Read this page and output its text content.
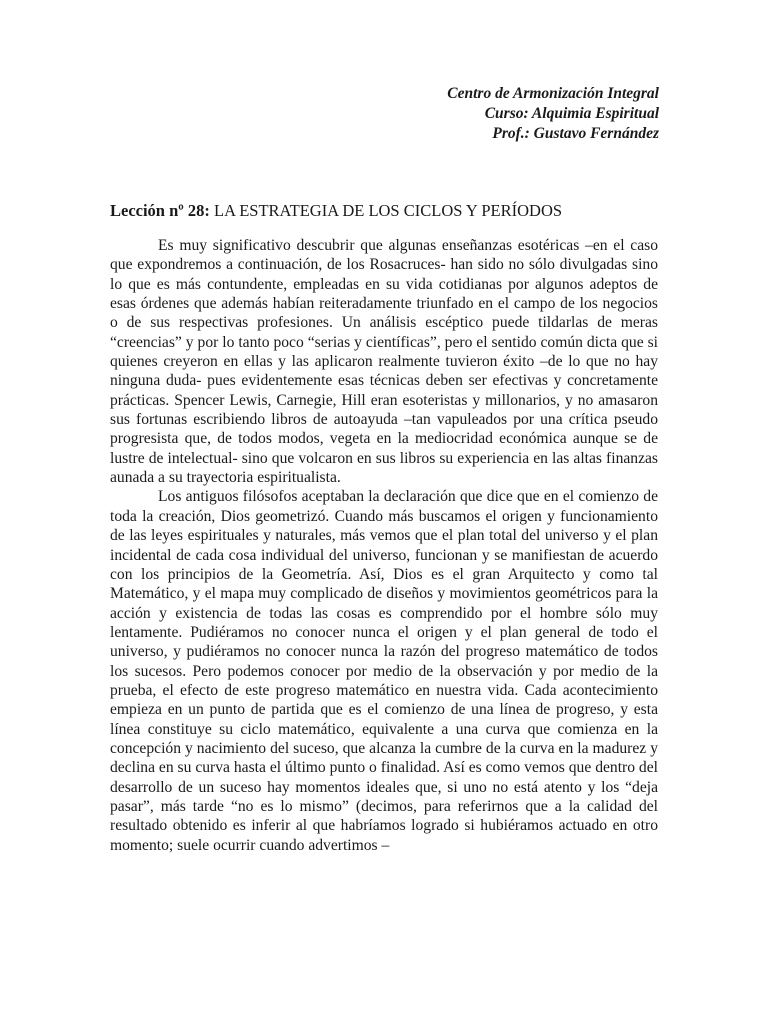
Centro de Armonización Integral
Curso: Alquimia Espiritual
Prof.: Gustavo Fernández
Lección nº 28: LA ESTRATEGIA DE LOS CICLOS Y PERÍODOS

Es muy significativo descubrir que algunas enseñanzas esotéricas –en el caso que expondremos a continuación, de los Rosacruces- han sido no sólo divulgadas sino lo que es más contundente, empleadas en su vida cotidianas por algunos adeptos de esas órdenes que además habían reiteradamente triunfado en el campo de los negocios o de sus respectivas profesiones. Un análisis escéptico puede tildarlas de meras “creencias” y por lo tanto poco “serias y científicas”, pero el sentido común dicta que si quienes creyeron en ellas y las aplicaron realmente tuvieron éxito –de lo que no hay ninguna duda- pues evidentemente esas técnicas deben ser efectivas y concretamente prácticas. Spencer Lewis, Carnegie, Hill eran esoteristas y millonarios, y no amasaron sus fortunas escribiendo libros de autoayuda –tan vapuleados por una crítica pseudo progresista que, de todos modos, vegeta en la mediocridad económica aunque se de lustre de intelectual- sino que volcaron en sus libros su experiencia en las altas finanzas aunada a su trayectoria espiritualista.

Los antiguos filósofos aceptaban la declaración que dice que en el comienzo de toda la creación, Dios geometrizó. Cuando más buscamos el origen y funcionamiento de las leyes espirituales y naturales, más vemos que el plan total del universo y el plan incidental de cada cosa individual del universo, funcionan y se manifiestan de acuerdo con los principios de la Geometría. Así, Dios es el gran Arquitecto y como tal Matemático, y el mapa muy complicado de diseños y movimientos geométricos para la acción y existencia de todas las cosas es comprendido por el hombre sólo muy lentamente. Pudiéramos no conocer nunca el origen y el plan general de todo el universo, y pudiéramos no conocer nunca la razón del progreso matemático de todos los sucesos. Pero podemos conocer por medio de la observación y por medio de la prueba, el efecto de este progreso matemático en nuestra vida. Cada acontecimiento empieza en un punto de partida que es el comienzo de una línea de progreso, y esta línea constituye su ciclo matemático, equivalente a una curva que comienza en la concepción y nacimiento del suceso, que alcanza la cumbre de la curva en la madurez y declina en su curva hasta el último punto o finalidad. Así es como vemos que dentro del desarrollo de un suceso hay momentos ideales que, si uno no está atento y los “deja pasar”, más tarde “no es lo mismo” (decimos, para referirnos que a la calidad del resultado obtenido es inferir al que habríamos logrado si hubiéramos actuado en otro momento; suele ocurrir cuando advertimos –
